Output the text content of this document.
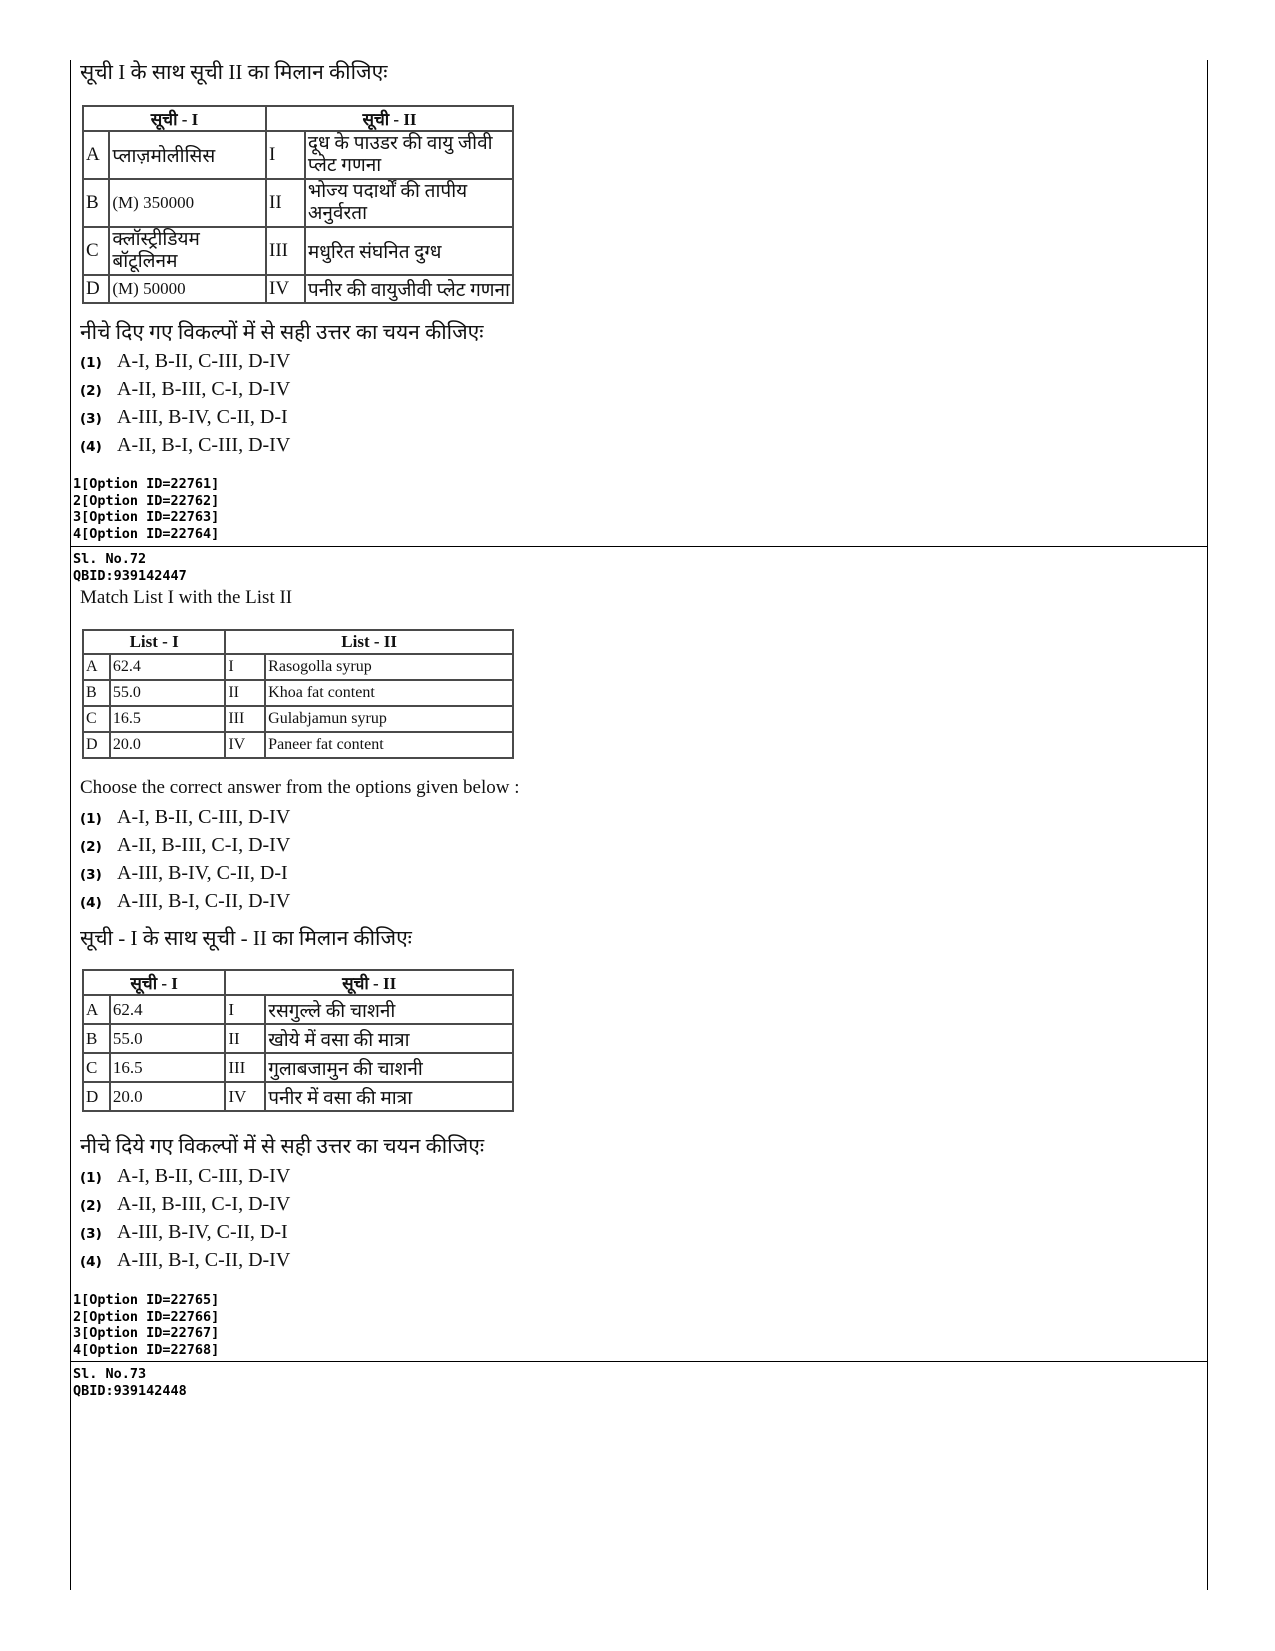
सूची I के साथ सूची II का मिलान कीजिएः
सूची - I		सूची - II	
A	प्लाज़मोलीसिस	I	दूध के पाउडर की वायु जीवी प्लेट गणना
B	(M) 350000	II	भोज्य पदार्थों की तापीय अनुर्वरता
C	क्लॉस्ट्रीडियम बॉटूलिनम	III	मधुरित संघनित दुग्ध
D	(M) 50000	IV	पनीर की वायुजीवी प्लेट गणना
नीचे दिए गए विकल्पों में से सही उत्तर का चयन कीजिएः
(1) A-I, B-II, C-III, D-IV
(2) A-II, B-III, C-I, D-IV
(3) A-III, B-IV, C-II, D-I
(4) A-II, B-I, C-III, D-IV
1[Option ID=22761]
2[Option ID=22762]
3[Option ID=22763]
4[Option ID=22764]
Sl. No.72
QBID:939142447
Match List I with the List II
List - I		List - II	
A	62.4	I	Rasogolla syrup
B	55.0	II	Khoa fat content
C	16.5	III	Gulabjamun syrup
D	20.0	IV	Paneer fat content
Choose the correct answer from the options given below :
(1) A-I, B-II, C-III, D-IV
(2) A-II, B-III, C-I, D-IV
(3) A-III, B-IV, C-II, D-I
(4) A-III, B-I, C-II, D-IV
सूची - I के साथ सूची - II का मिलान कीजिएः
सूची - I		सूची - II	
A	62.4	I	रसगुल्ले की चाशनी
B	55.0	II	खोये में वसा की मात्रा
C	16.5	III	गुलाबजामुन की चाशनी
D	20.0	IV	पनीर में वसा की मात्रा
नीचे दिये गए विकल्पों में से सही उत्तर का चयन कीजिएः
(1) A-I, B-II, C-III, D-IV
(2) A-II, B-III, C-I, D-IV
(3) A-III, B-IV, C-II, D-I
(4) A-III, B-I, C-II, D-IV
1[Option ID=22765]
2[Option ID=22766]
3[Option ID=22767]
4[Option ID=22768]
Sl. No.73
QBID:939142448
